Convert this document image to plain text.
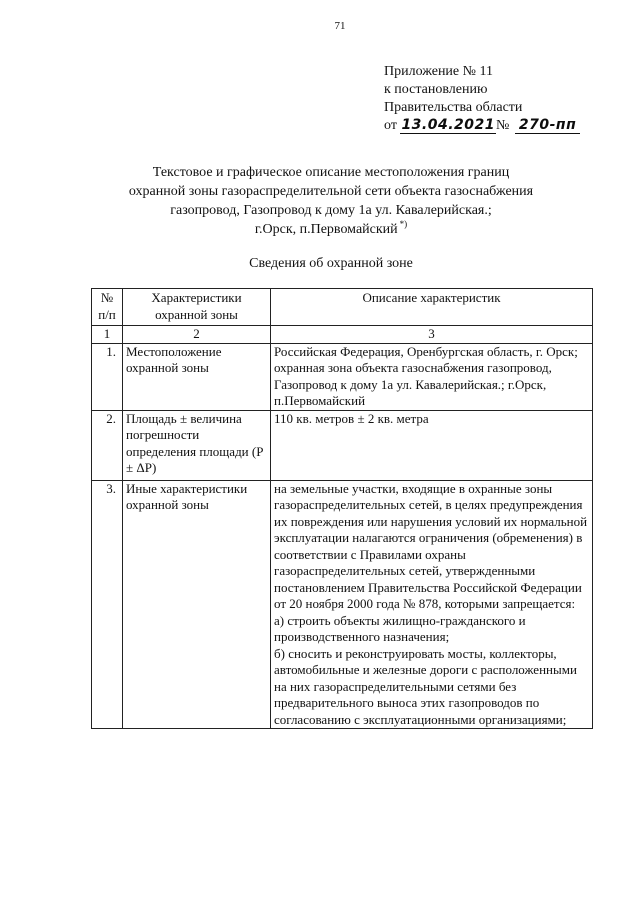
71
Приложение № 11
к постановлению
Правительства области
от 13.04.2021№ 270-пп
Текстовое и графическое описание местоположения границ
охранной зоны газораспределительной сети объекта газоснабжения
газопровод, Газопровод к дому 1а ул. Кавалерийская.;
г.Орск, п.Первомайский *)
Сведения об охранной зоне
№ п/п	Характеристики охранной зоны	Описание характеристик
1	2	3
1.	Местоположение охранной зоны	Российская Федерация, Оренбургская область, г. Орск; охранная зона объекта газоснабжения газопровод, Газопровод к дому 1а ул. Кавалерийская.; г.Орск, п.Первомайский
2.	Площадь ± величина погрешности определения площади (P ± ΔP)	110 кв. метров ± 2 кв. метра
3.	Иные характеристики охранной зоны	на земельные участки, входящие в охранные зоны газораспределительных сетей, в целях предупреждения их повреждения или нарушения условий их нормальной эксплуатации налагаются ограничения (обременения) в соответствии с Правилами охраны газораспределительных сетей, утвержденными постановлением Правительства Российской Федерации от 20 ноября 2000 года № 878, которыми запрещается:
а) строить объекты жилищно-гражданского и производственного назначения;
б) сносить и реконструировать мосты, коллекторы, автомобильные и железные дороги с расположенными на них газораспределительными сетями без предварительного выноса этих газопроводов по согласованию с эксплуатационными организациями;
